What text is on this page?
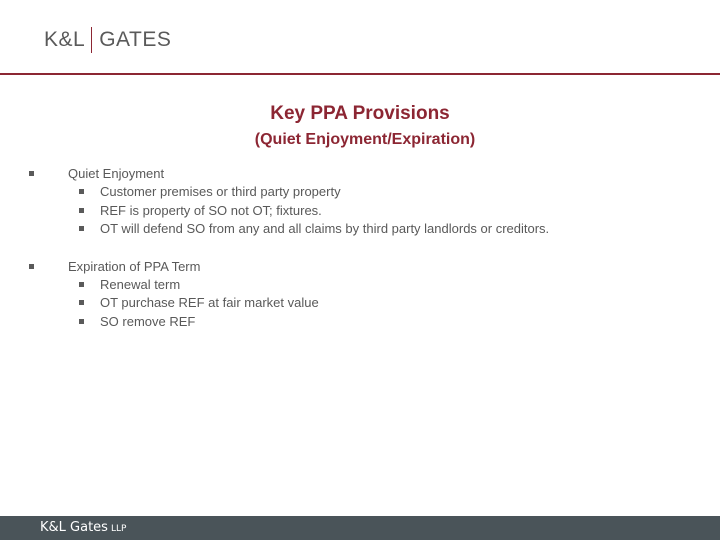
K&L GATES
Key PPA Provisions
(Quiet Enjoyment/Expiration)
Quiet Enjoyment
Customer premises or third party property
REF is property of SO not OT; fixtures.
OT will defend SO from any and all claims by third party landlords or creditors.
Expiration of PPA Term
Renewal term
OT purchase REF at fair market value
SO remove REF
K&L Gates LLP
